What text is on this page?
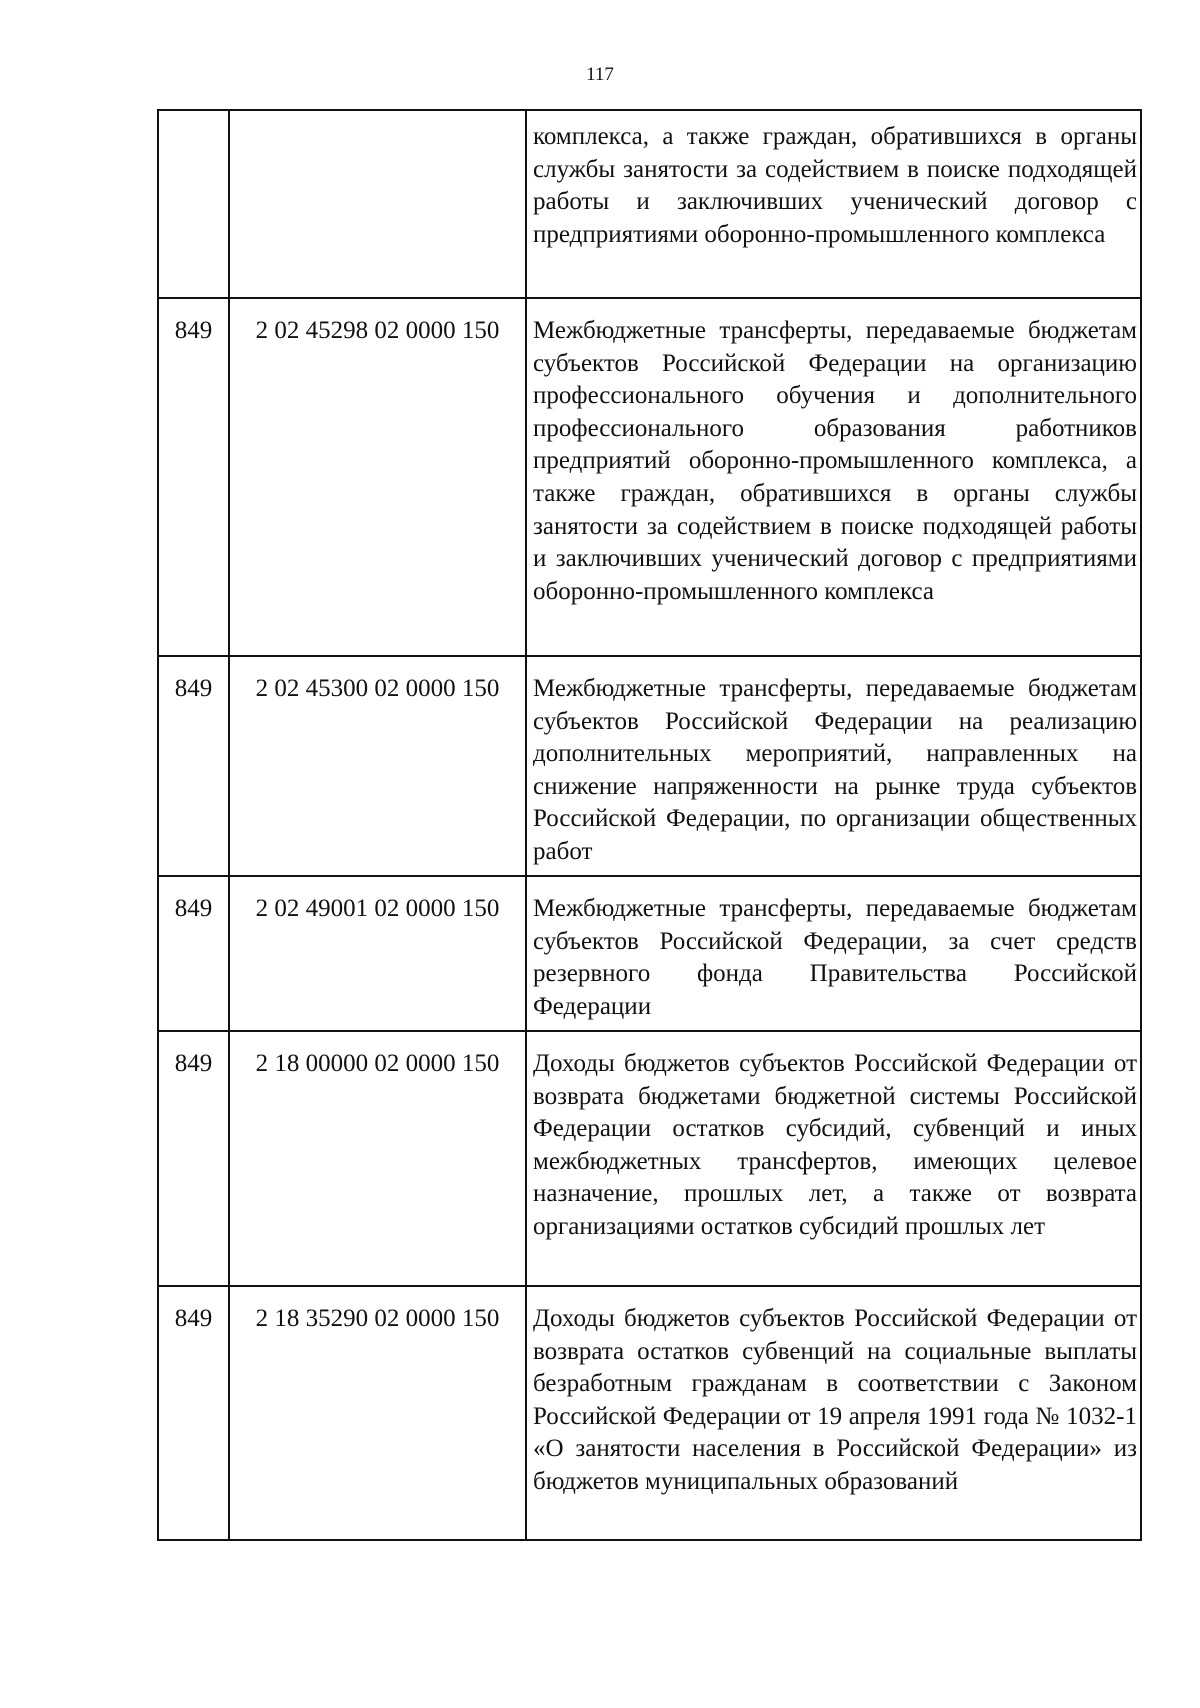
117
		комплекса, а также граждан, обратившихся в органы службы занятости за содействием в поиске подходящей работы и заключивших ученический договор с предприятиями оборонно-промышленного комплекса
849	2 02 45298 02 0000 150	Межбюджетные трансферты, передаваемые бюджетам субъектов Российской Федерации на организацию профессионального обучения и дополнительного профессионального образования работников предприятий оборонно-промышленного комплекса, а также граждан, обратившихся в органы службы занятости за содействием в поиске подходящей работы и заключивших ученический договор с предприятиями оборонно-промышленного комплекса
849	2 02 45300 02 0000 150	Межбюджетные трансферты, передаваемые бюджетам субъектов Российской Федерации на реализацию дополнительных мероприятий, направленных на снижение напряженности на рынке труда субъектов Российской Федерации, по организации общественных работ
849	2 02 49001 02 0000 150	Межбюджетные трансферты, передаваемые бюджетам субъектов Российской Федерации, за счет средств резервного фонда Правительства Российской Федерации
849	2 18 00000 02 0000 150	Доходы бюджетов субъектов Российской Федерации от возврата бюджетами бюджетной системы Российской Федерации остатков субсидий, субвенций и иных межбюджетных трансфертов, имеющих целевое назначение, прошлых лет, а также от возврата организациями остатков субсидий прошлых лет
849	2 18 35290 02 0000 150	Доходы бюджетов субъектов Российской Федерации от возврата остатков субвенций на социальные выплаты безработным гражданам в соответствии с Законом Российской Федерации от 19 апреля 1991 года № 1032-1 «О занятости населения в Российской Федерации» из бюджетов муниципальных образований
